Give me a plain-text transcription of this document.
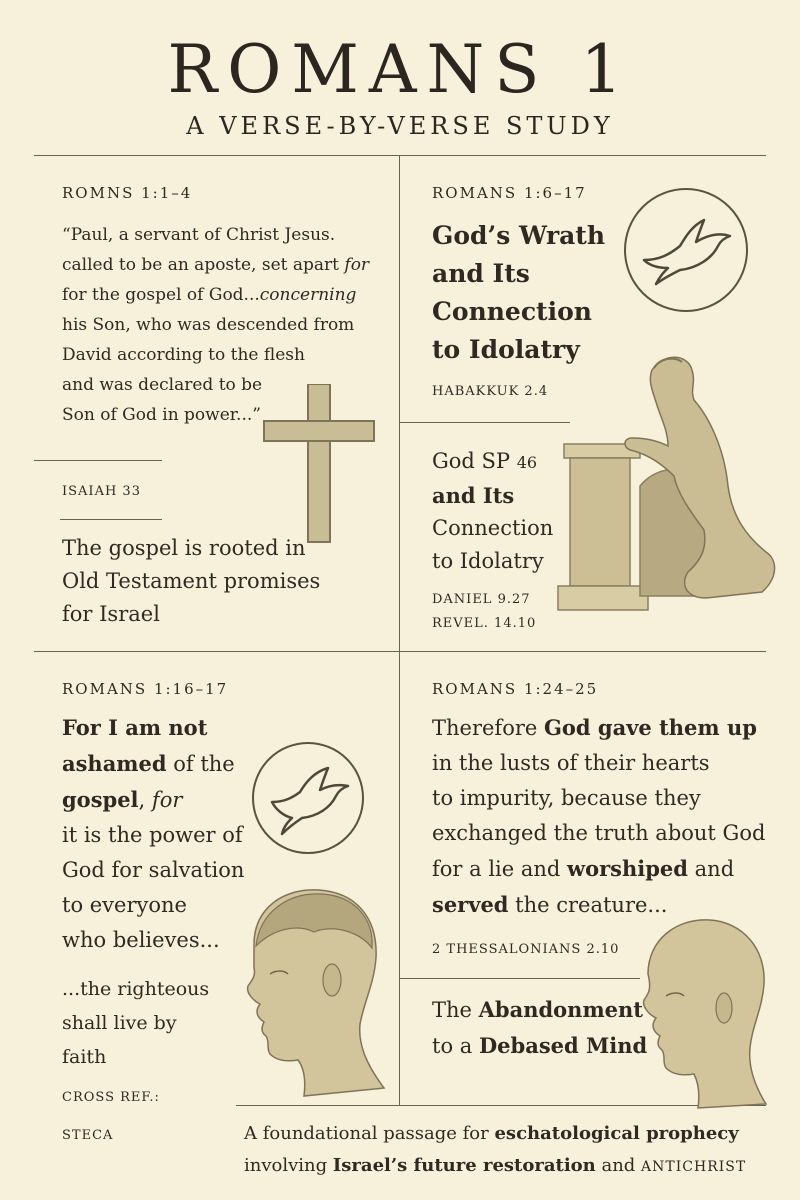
ROMANS 1
A VERSE-BY-VERSE STUDY
ROMNS 1:1–4
“Paul, a servant of Christ Jesus.
called to be an aposte, set apart for
for the gospel of God...concerning
his Son, who was descended from
David according to the flesh
and was declared to be
Son of God in power...”
ISAIAH 33
The gospel is rooted in
Old Testament promises
for Israel
ROMANS 1:6–17
God’s Wrath
and Its
Connection
to Idolatry
HABAKKUK 2.4
God SP 46
and Its
Connection
to Idolatry
DANIEL 9.27
REVEL. 14.10
ROMANS 1:16–17
For I am not
ashamed of the
gospel, for
it is the power of
God for salvation
to everyone
who believes...
...the righteous
shall live by
faith
CROSS REF.:
STECA
ROMANS 1:24–25
Therefore God gave them up
in the lusts of their hearts
to impurity, because they
exchanged the truth about God
for a lie and worshiped and
served the creature...
2 THESSALONIANS 2.10
The Abandonment
to a Debased Mind
A foundational passage for eschatological prophecy
involving Israel’s future restoration and ANTICHRIST
